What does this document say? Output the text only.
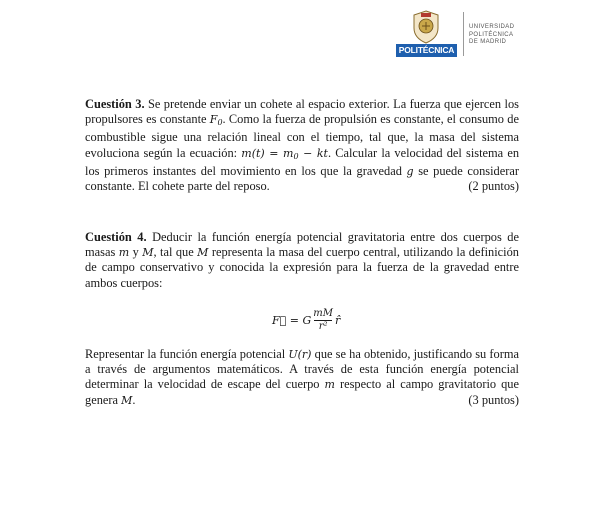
POLITÉCNICA
UNIVERSIDAD
POLITÉCNICA
DE MADRID

Cuestión 3. Se pretende enviar un cohete al espacio exterior. La fuerza que ejercen los propulsores es constante $F_0$. Como la fuerza de propulsión es constante, el consumo de combustible sigue una relación lineal con el tiempo, tal que, la masa del sistema evoluciona según la ecuación: $m(t) = m_0$ − kt. Calcular la velocidad del sistema en los primeros instantes del movimiento en los que la gravedad g se puede considerar constante. El cohete parte del reposo.	(2 puntos)

Cuestión 4. Deducir la función energía potencial gravitatoria entre dos cuerpos de masas m y M, tal que M representa la masa del cuerpo central, utilizando la definición de campo conservativo y conocida la expresión para la fuerza de la gravedad entre ambos cuerpos:

F⃗ = G $\frac{mM}{\text{r²}}$ r̂

Representar la función energía potencial U(r) que se ha obtenido, justificando su forma a través de argumentos matemáticos. A través de esta función energía potencial determinar la velocidad de escape del cuerpo m respecto al campo gravitatorio que genera M.	(3 puntos)
